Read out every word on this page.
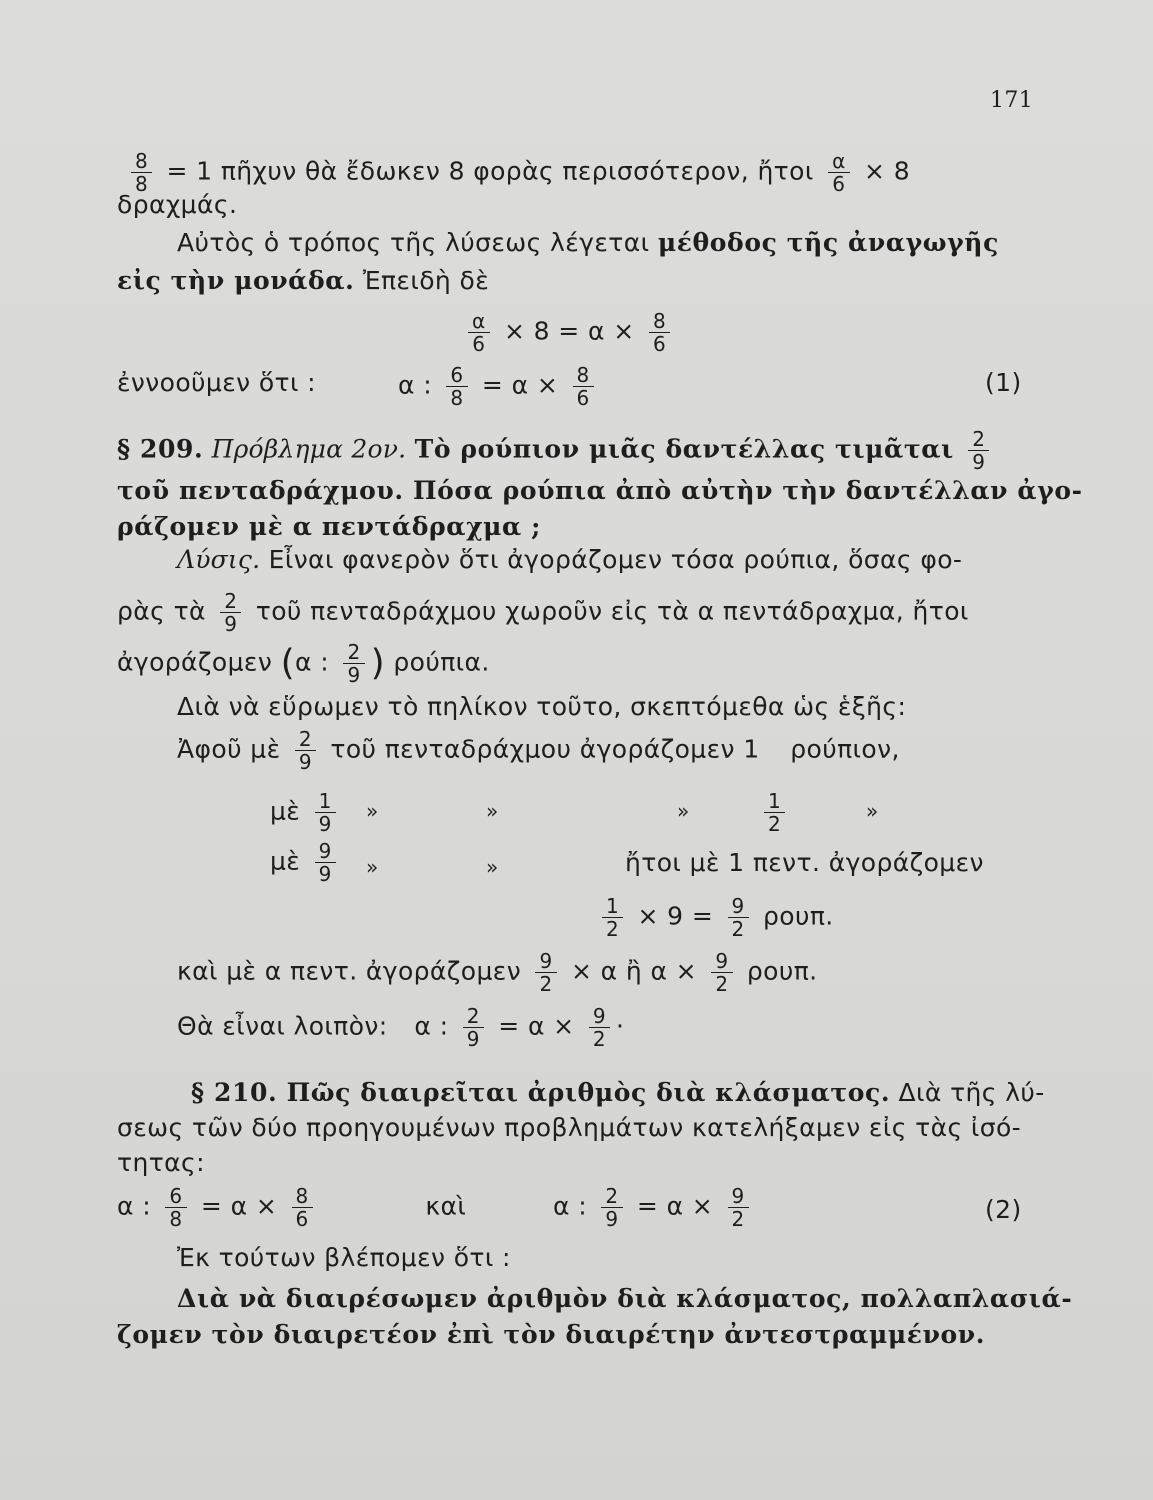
171
$\frac{8}{8} = 1$ πῆχυν θὰ ἔδωκεν 8 φορὰς περισσότερον, ἤτοι $\frac{\alpha}{6} \times 8$
δραχμάς.
Αὐτὸς ὁ τρόπος τῆς λύσεως λέγεται μέθοδος τῆς ἀναγωγῆς
εἰς τὴν μονάδα. Ἐπειδὴ δὲ
$\frac{\alpha}{6} \times 8 = \alpha \times \frac{8}{6}$
ἐννοοῦμεν ὅτι :	α : $\frac{6}{8} = \alpha \times \frac{8}{6}$	(1)
§ 209. Πρόβλημα 2ον. Τὸ ρούπιον μιᾶς δαντέλλας τιμᾶται $\frac{2}{9}$
τοῦ πενταδράχμου. Πόσα ρούπια ἀπὸ αὐτὴν τὴν δαντέλλαν ἀγο-
ράζομεν μὲ α πεντάδραχμα ;
Λύσις. Εἶναι φανερὸν ὅτι ἀγοράζομεν τόσα ρούπια, ὅσας φο-
ρὰς τὰ $\frac{2}{9}$ τοῦ πενταδράχμου χωροῦν εἰς τὰ α πεντάδραχμα, ἤτοι
ἀγοράζομεν (α : $\frac{2}{9}$ ) ρούπια.
Διὰ νὰ εὕρωμεν τὸ πηλίκον τοῦτο, σκεπτόμεθα ὡς ἑξῆς:
Ἀφοῦ μὲ $\frac{2}{9}$ τοῦ πενταδράχμου ἀγοράζομεν 1 ρούπιον,
μὲ $\frac{1}{9}$ »	»	»	$\frac{1}{2}$	»
μὲ $\frac{9}{9}$ »	»	ἤτοι μὲ 1 πεντ. ἀγοράζομεν
$\frac{1}{2} \times 9 = \frac{9}{2} \rho o\upsilon\pi$.
καὶ μὲ α πεντ. ἀγοράζομεν $\frac{9}{2} \times \alpha$ ἢ $\alpha \times \frac{9}{2} \rho o\upsilon\pi$.
Θὰ εἶναι λοιπὸν: α : $\frac{2}{9} = \alpha \times \frac{9}{2}$ ·
§ 210. Πῶς διαιρεῖται ἀριθμὸς διὰ κλάσματος. Διὰ τῆς λύ-
σεως τῶν δύο προηγουμένων προβλημάτων κατελήξαμεν εἰς τὰς ἰσό-
τητας:
α : $\frac{6}{8} = \alpha \times \frac{8}{6}$	καὶ	α : $\frac{2}{9} = \alpha \times \frac{9}{2}$	(2)
Ἐκ τούτων βλέπομεν ὅτι :
Διὰ νὰ διαιρέσωμεν ἀριθμὸν διὰ κλάσματος, πολλαπλασιά-
ζομεν τὸν διαιρετέον ἐπὶ τὸν διαιρέτην ἀντεστραμμένον.
